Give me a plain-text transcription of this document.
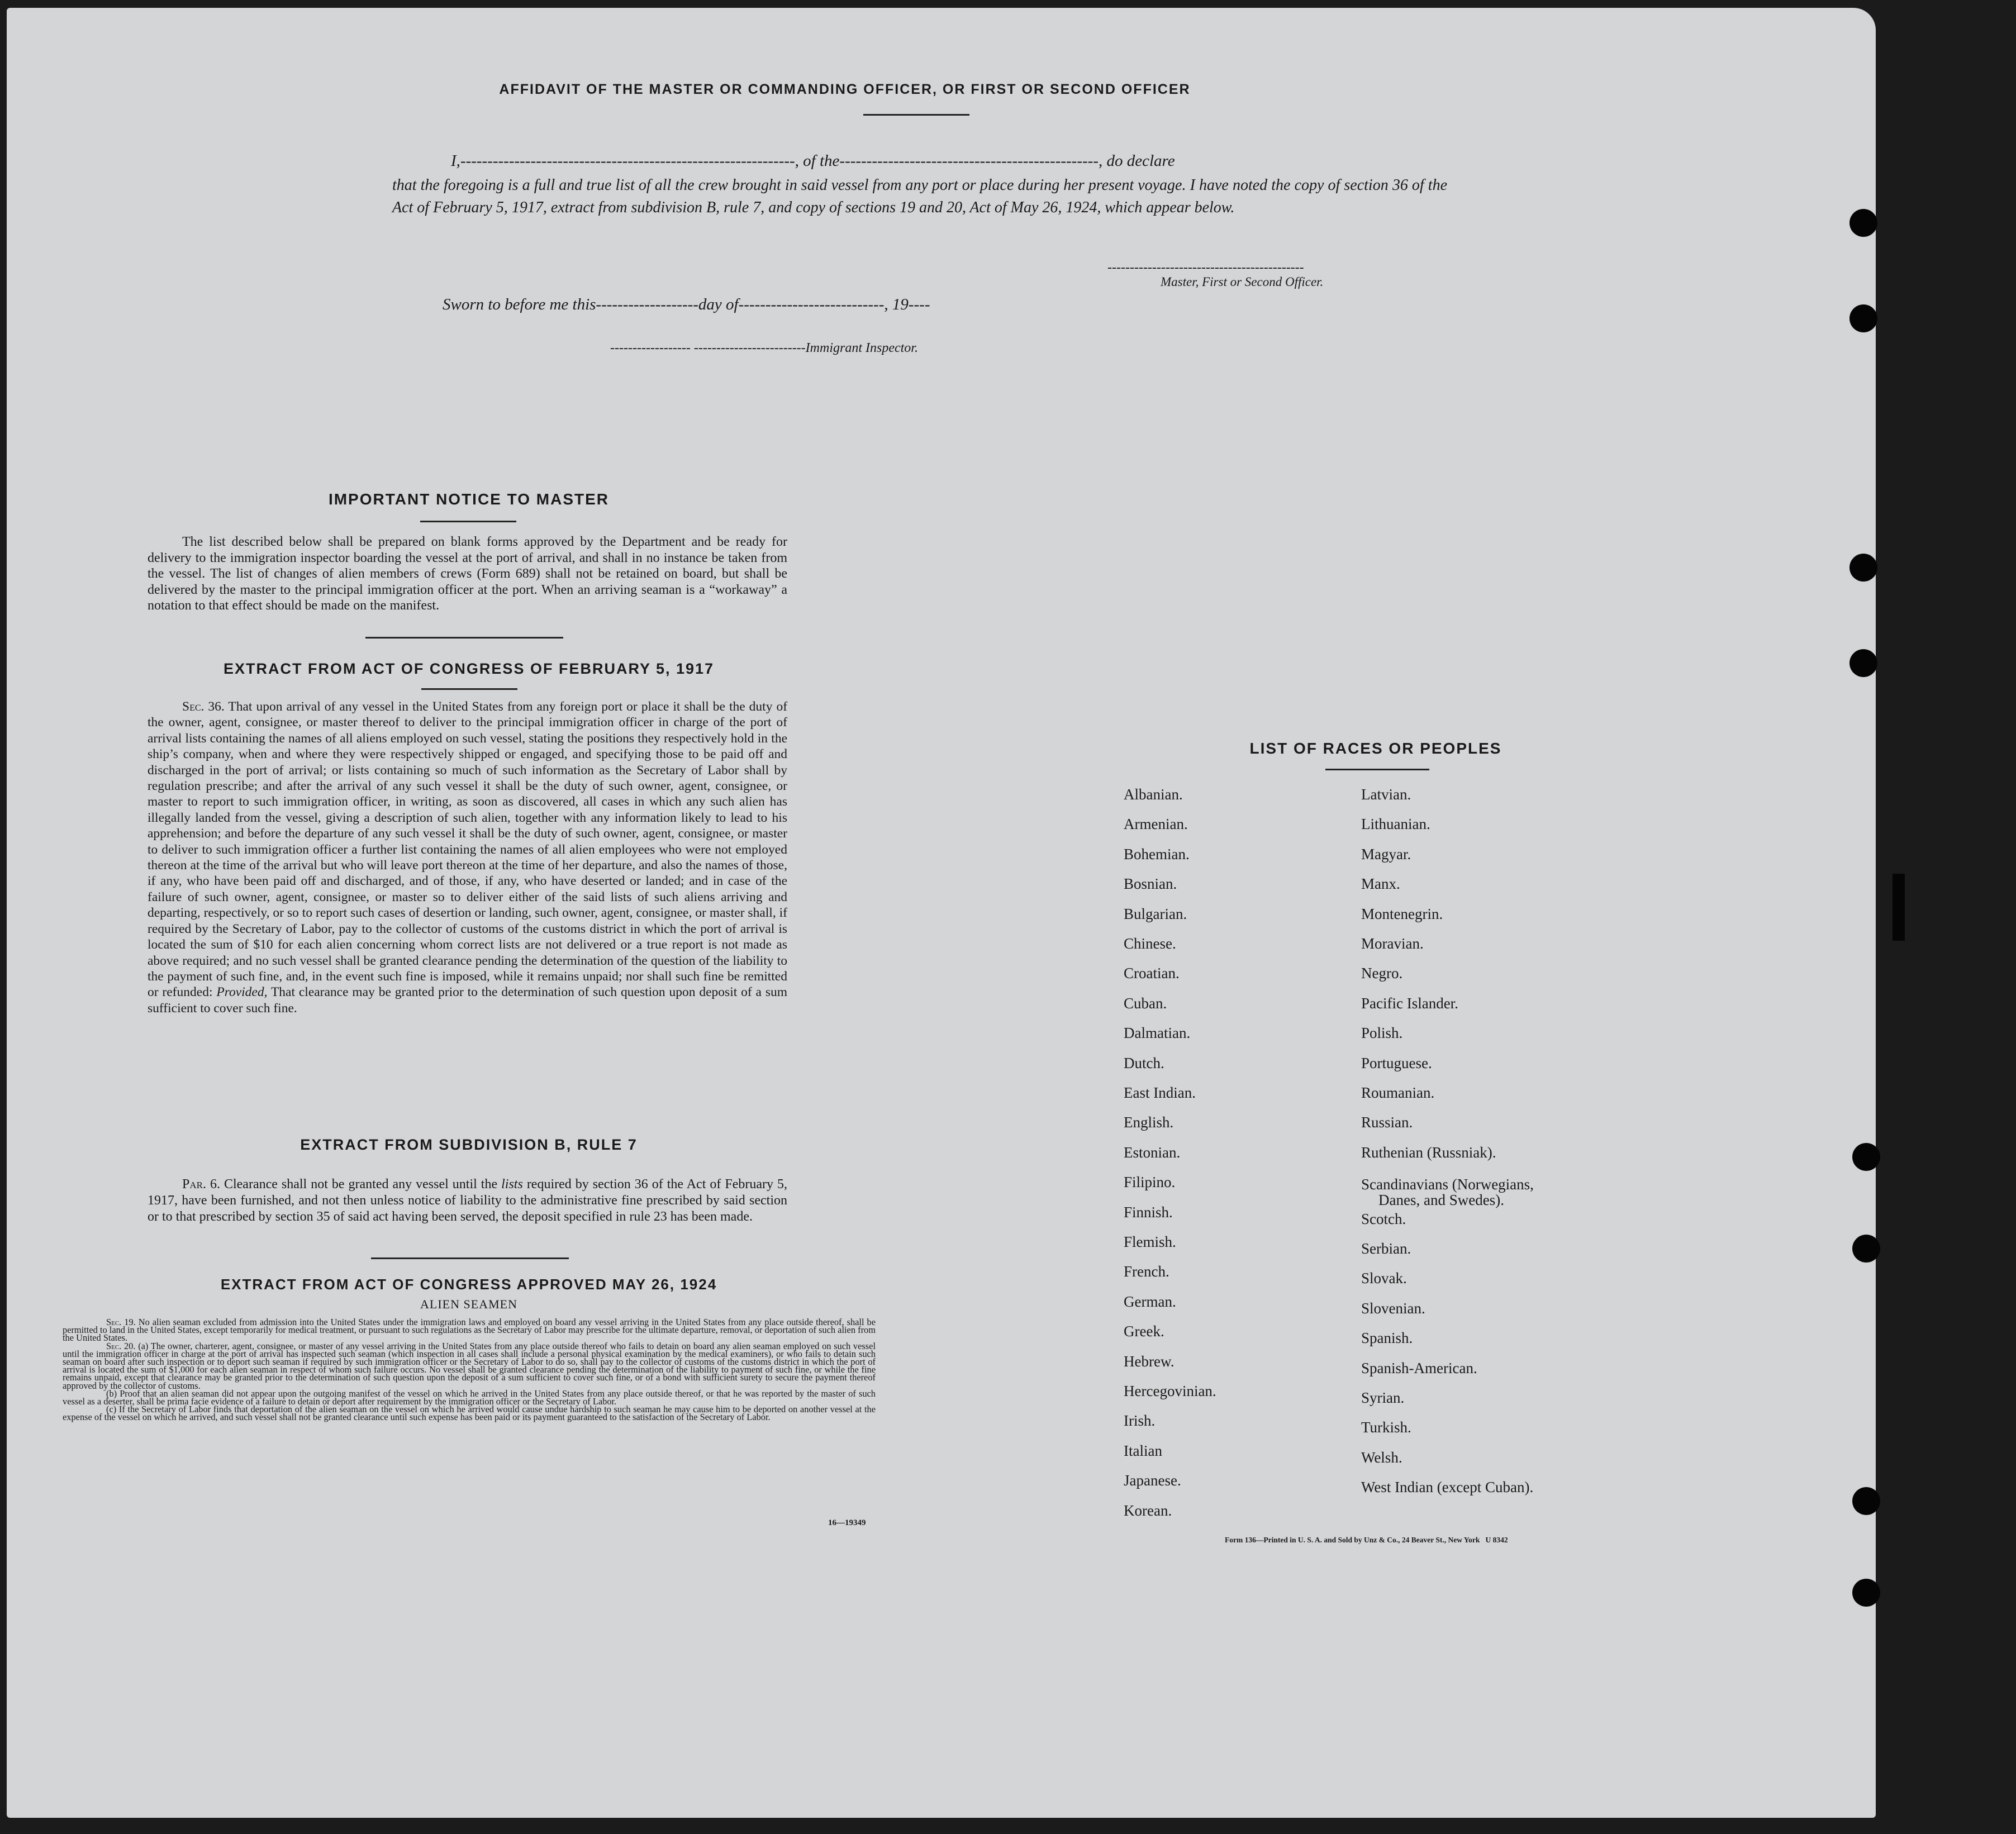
AFFIDAVIT OF THE MASTER OR COMMANDING OFFICER, OR FIRST OR SECOND OFFICER
I,--------------------------------------------------------------, of the------------------------------------------------, do declare
that the foregoing is a full and true list of all the crew brought in said vessel from any port or place during her present voyage. I have noted the copy of section 36 of the Act of February 5, 1917, extract from subdivision B, rule 7, and copy of sections 19 and 20, Act of May 26, 1924, which appear below.
--------------------------------------------
Master, First or Second Officer.
Sworn to before me this-------------------day of---------------------------, 19----
------------------ -------------------------Immigrant Inspector.
IMPORTANT NOTICE TO MASTER
The list described below shall be prepared on blank forms approved by the Department and be ready for delivery to the immigration inspector boarding the vessel at the port of arrival, and shall in no instance be taken from the vessel. The list of changes of alien members of crews (Form 689) shall not be retained on board, but shall be delivered by the master to the principal immigration officer at the port. When an arriving seaman is a “workaway” a notation to that effect should be made on the manifest.
EXTRACT FROM ACT OF CONGRESS OF FEBRUARY 5, 1917
Sec. 36. That upon arrival of any vessel in the United States from any foreign port or place it shall be the duty of the owner, agent, consignee, or master thereof to deliver to the principal immigration officer in charge of the port of arrival lists containing the names of all aliens employed on such vessel, stating the positions they respectively hold in the ship’s company, when and where they were respectively shipped or engaged, and specifying those to be paid off and discharged in the port of arrival; or lists containing so much of such information as the Secretary of Labor shall by regulation prescribe; and after the arrival of any such vessel it shall be the duty of such owner, agent, consignee, or master to report to such immigration officer, in writing, as soon as discovered, all cases in which any such alien has illegally landed from the vessel, giving a description of such alien, together with any information likely to lead to his apprehension; and before the departure of any such vessel it shall be the duty of such owner, agent, consignee, or master to deliver to such immigration officer a further list containing the names of all alien employees who were not employed thereon at the time of the arrival but who will leave port thereon at the time of her departure, and also the names of those, if any, who have been paid off and discharged, and of those, if any, who have deserted or landed; and in case of the failure of such owner, agent, consignee, or master so to deliver either of the said lists of such aliens arriving and departing, respectively, or so to report such cases of desertion or landing, such owner, agent, consignee, or master shall, if required by the Secretary of Labor, pay to the collector of customs of the customs district in which the port of arrival is located the sum of $10 for each alien concerning whom correct lists are not delivered or a true report is not made as above required; and no such vessel shall be granted clearance pending the determination of the question of the liability to the payment of such fine, and, in the event such fine is imposed, while it remains unpaid; nor shall such fine be remitted or refunded: Provided, That clearance may be granted prior to the determination of such question upon deposit of a sum sufficient to cover such fine.
EXTRACT FROM SUBDIVISION B, RULE 7
Par. 6. Clearance shall not be granted any vessel until the lists required by section 36 of the Act of February 5, 1917, have been furnished, and not then unless notice of liability to the administrative fine prescribed by said section or to that prescribed by section 35 of said act having been served, the deposit specified in rule 23 has been made.
EXTRACT FROM ACT OF CONGRESS APPROVED MAY 26, 1924
ALIEN SEAMEN
Sec. 19. No alien seaman excluded from admission into the United States under the immigration laws and employed on board any vessel arriving in the United States from any place outside thereof, shall be permitted to land in the United States, except temporarily for medical treatment, or pursuant to such regulations as the Secretary of Labor may prescribe for the ultimate departure, removal, or deportation of such alien from the United States.
Sec. 20. (a) The owner, charterer, agent, consignee, or master of any vessel arriving in the United States from any place outside thereof who fails to detain on board any alien seaman employed on such vessel until the immigration officer in charge at the port of arrival has inspected such seaman (which inspection in all cases shall include a personal physical examination by the medical examiners), or who fails to detain such seaman on board after such inspection or to deport such seaman if required by such immigration officer or the Secretary of Labor to do so, shall pay to the collector of customs of the customs district in which the port of arrival is located the sum of $1,000 for each alien seaman in respect of whom such failure occurs. No vessel shall be granted clearance pending the determination of the liability to payment of such fine, or while the fine remains unpaid, except that clearance may be granted prior to the determination of such question upon the deposit of a sum sufficient to cover such fine, or of a bond with sufficient surety to secure the payment thereof approved by the collector of customs.
(b) Proof that an alien seaman did not appear upon the outgoing manifest of the vessel on which he arrived in the United States from any place outside thereof, or that he was reported by the master of such vessel as a deserter, shall be prima facie evidence of a failure to detain or deport after requirement by the immigration officer or the Secretary of Labor.
(c) If the Secretary of Labor finds that deportation of the alien seaman on the vessel on which he arrived would cause undue hardship to such seaman he may cause him to be deported on another vessel at the expense of the vessel on which he arrived, and such vessel shall not be granted clearance until such expense has been paid or its payment guaranteed to the satisfaction of the Secretary of Labor.
16—19349
LIST OF RACES OR PEOPLES
Form 136—Printed in U. S. A. and Sold by Unz & Co., 24 Beaver St., New York   U 8342
Albanian.
Armenian.
Bohemian.
Bosnian.
Bulgarian.
Chinese.
Croatian.
Cuban.
Dalmatian.
Dutch.
East Indian.
English.
Estonian.
Filipino.
Finnish.
Flemish.
French.
German.
Greek.
Hebrew.
Hercegovinian.
Irish.
Italian
Japanese.
Korean.
Latvian.
Lithuanian.
Magyar.
Manx.
Montenegrin.
Moravian.
Negro.
Pacific Islander.
Polish.
Portuguese.
Roumanian.
Russian.
Ruthenian (Russniak).
Scandinavians (Norwegians,
Danes, and Swedes).
Scotch.
Serbian.
Slovak.
Slovenian.
Spanish.
Spanish-American.
Syrian.
Turkish.
Welsh.
West Indian (except Cuban).
